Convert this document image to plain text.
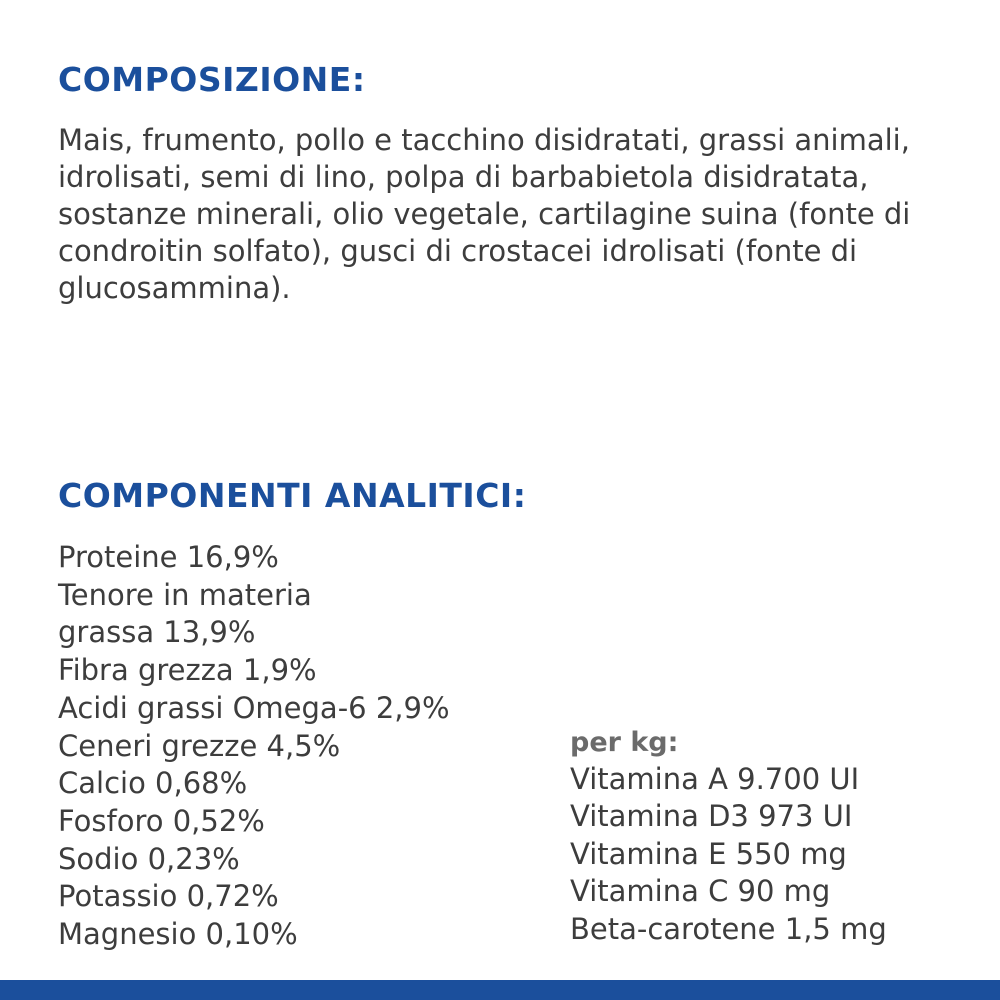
COMPOSIZIONE:

Mais, frumento, pollo e tacchino disidratati, grassi animali, idrolisati, semi di lino, polpa di barbabietola disidratata, sostanze minerali, olio vegetale, cartilagine suina (fonte di condroitin solfato), gusci di crostacei idrolisati (fonte di glucosammina).

COMPONENTI ANALITICI:
Proteine 16,9%
Tenore in materia
grassa 13,9%
Fibra grezza 1,9%
Acidi grassi Omega-6 2,9%
Ceneri grezze 4,5%
Calcio 0,68%
Fosforo 0,52%
Sodio 0,23%
Potassio 0,72%
Magnesio 0,10%

per kg:

Vitamina A 9.700 UI
Vitamina D3 973 UI
Vitamina E 550 mg
Vitamina C 90 mg
Beta-carotene 1,5 mg
